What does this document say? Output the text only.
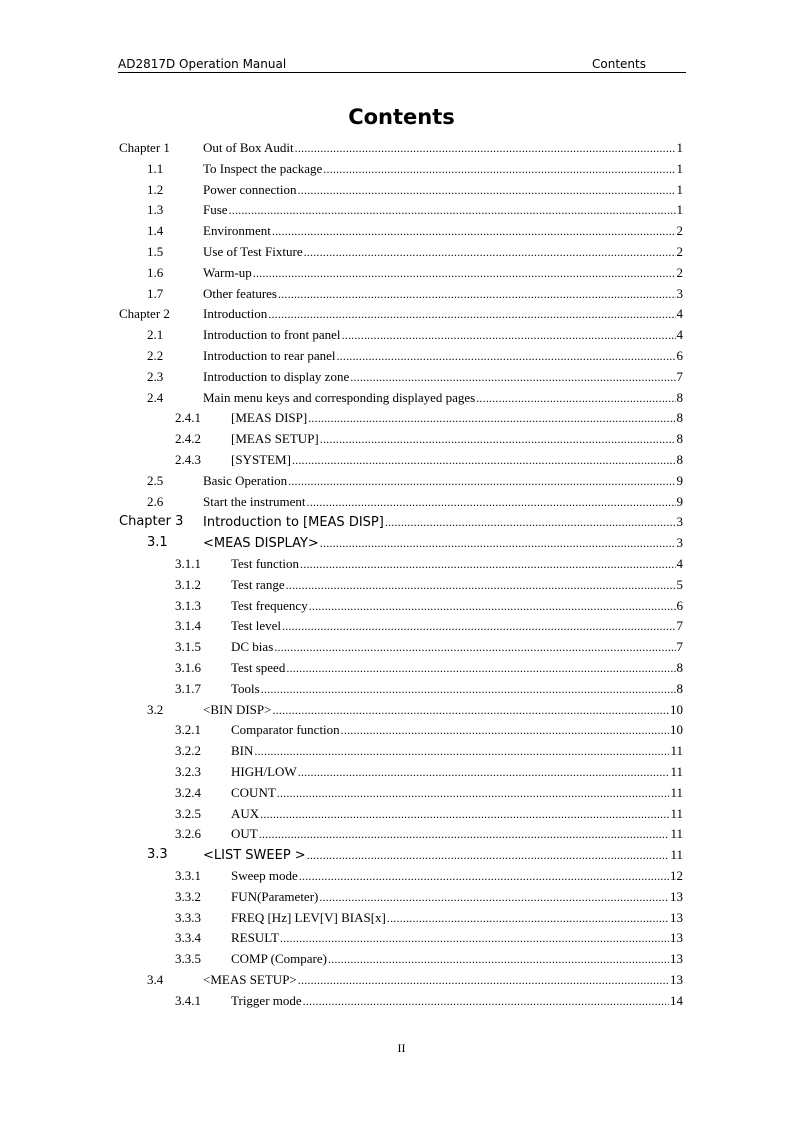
AD2817D Operation Manual	Contents
Contents
Chapter 1	Out of Box Audit .....	1
1.1	To Inspect the package .....	1
1.2	Power connection .....	1
1.3	Fuse .....	1
1.4	Environment .....	2
1.5	Use of Test Fixture .....	2
1.6	Warm-up .....	2
1.7	Other features .....	3
Chapter 2	Introduction .....	4
2.1	Introduction to front panel .....	4
2.2	Introduction to rear panel .....	6
2.3	Introduction to display zone .....	7
2.4	Main menu keys and corresponding displayed pages .....	8
2.4.1 [MEAS DISP] .....	8
2.4.2 [MEAS SETUP] .....	8
2.4.3 [SYSTEM] .....	8
2.5	Basic Operation .....	9
2.6	Start the instrument .....	9
Chapter 3 Introduction to [MEAS DISP] .....	3
3.1	<MEAS DISPLAY> .....	3
3.1.1 Test function .....	4
3.1.2 Test range .....	5
3.1.3 Test frequency .....	6
3.1.4 Test level .....	7
3.1.5 DC bias .....	7
3.1.6 Test speed .....	8
3.1.7 Tools .....	8
3.2	<BIN DISP> .....	10
3.2.1 Comparator function .....	10
3.2.2 BIN .....	11
3.2.3 HIGH/LOW .....	11
3.2.4 COUNT .....	11
3.2.5 AUX .....	11
3.2.6 OUT .....	11
3.3	<LIST SWEEP > .....	11
3.3.1 Sweep mode .....	12
3.3.2 FUN(Parameter) .....	13
3.3.3 FREQ [Hz] LEV[V] BIAS[x] .....	13
3.3.4 RESULT .....	13
3.3.5 COMP (Compare) .....	13
3.4	<MEAS SETUP> .....	13
3.4.1 Trigger mode .....	14
II
